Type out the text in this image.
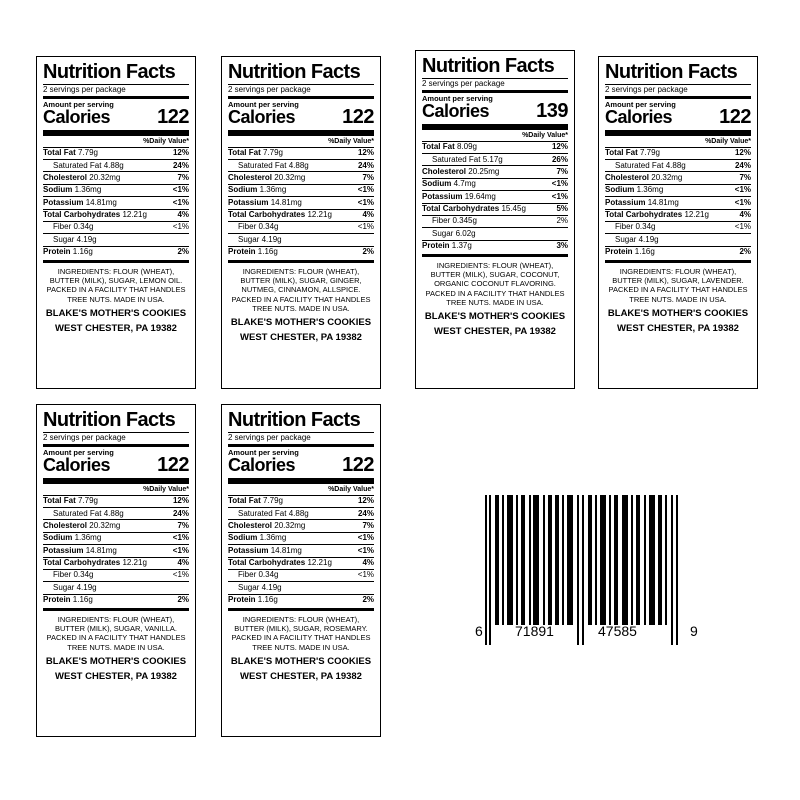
Nutrition Facts
2 servings per package
Amount per serving
Calories 122
%Daily Value*
Total Fat 7.79g	12%
Saturated Fat 4.88g	24%
Cholesterol 20.32mg	7%
Sodium 1.36mg	<1%
Potassium 14.81mg	<1%
Total Carbohydrates 12.21g	4%
Fiber 0.34g	<1%
Sugar 4.19g
Protein 1.16g	2%
INGREDIENTS: FLOUR (WHEAT), BUTTER (MILK), SUGAR, LEMON OIL. PACKED IN A FACILITY THAT HANDLES TREE NUTS. MADE IN USA.
BLAKE'S MOTHER'S COOKIES
WEST CHESTER, PA 19382
Nutrition Facts
2 servings per package
Amount per serving
Calories 122
%Daily Value*
Total Fat 7.79g	12%
Saturated Fat 4.88g	24%
Cholesterol 20.32mg	7%
Sodium 1.36mg	<1%
Potassium 14.81mg	<1%
Total Carbohydrates 12.21g	4%
Fiber 0.34g	<1%
Sugar 4.19g
Protein 1.16g	2%
INGREDIENTS: FLOUR (WHEAT), BUTTER (MILK), SUGAR, GINGER, NUTMEG, CINNAMON, ALLSPICE. PACKED IN A FACILITY THAT HANDLES TREE NUTS. MADE IN USA.
BLAKE'S MOTHER'S COOKIES
WEST CHESTER, PA 19382
Nutrition Facts
2 servings per package
Amount per serving
Calories 139
%Daily Value*
Total Fat 8.09g	12%
Saturated Fat 5.17g	26%
Cholesterol 20.25mg	7%
Sodium 4.7mg	<1%
Potassium 19.64mg	<1%
Total Carbohydrates 15.45g	5%
Fiber 0.345g	2%
Sugar 6.02g
Protein 1.37g	3%
INGREDIENTS: FLOUR (WHEAT), BUTTER (MILK), SUGAR, COCONUT, ORGANIC COCONUT FLAVORING. PACKED IN A FACILITY THAT HANDLES TREE NUTS. MADE IN USA.
BLAKE'S MOTHER'S COOKIES
WEST CHESTER, PA 19382
Nutrition Facts
2 servings per package
Amount per serving
Calories 122
%Daily Value*
Total Fat 7.79g	12%
Saturated Fat 4.88g	24%
Cholesterol 20.32mg	7%
Sodium 1.36mg	<1%
Potassium 14.81mg	<1%
Total Carbohydrates 12.21g	4%
Fiber 0.34g	<1%
Sugar 4.19g
Protein 1.16g	2%
INGREDIENTS: FLOUR (WHEAT), BUTTER (MILK), SUGAR, LAVENDER. PACKED IN A FACILITY THAT HANDLES TREE NUTS. MADE IN USA.
BLAKE'S MOTHER'S COOKIES
WEST CHESTER, PA 19382
Nutrition Facts
2 servings per package
Amount per serving
Calories 122
%Daily Value*
Total Fat 7.79g	12%
Saturated Fat 4.88g	24%
Cholesterol 20.32mg	7%
Sodium 1.36mg	<1%
Potassium 14.81mg	<1%
Total Carbohydrates 12.21g	4%
Fiber 0.34g	<1%
Sugar 4.19g
Protein 1.16g	2%
INGREDIENTS: FLOUR (WHEAT), BUTTER (MILK), SUGAR, VANILLA. PACKED IN A FACILITY THAT HANDLES TREE NUTS. MADE IN USA.
BLAKE'S MOTHER'S COOKIES
WEST CHESTER, PA 19382
Nutrition Facts
2 servings per package
Amount per serving
Calories 122
%Daily Value*
Total Fat 7.79g	12%
Saturated Fat 4.88g	24%
Cholesterol 20.32mg	7%
Sodium 1.36mg	<1%
Potassium 14.81mg	<1%
Total Carbohydrates 12.21g	4%
Fiber 0.34g	<1%
Sugar 4.19g
Protein 1.16g	2%
INGREDIENTS: FLOUR (WHEAT), BUTTER (MILK), SUGAR, ROSEMARY. PACKED IN A FACILITY THAT HANDLES TREE NUTS. MADE IN USA.
BLAKE'S MOTHER'S COOKIES
WEST CHESTER, PA 19382
6 71891	47585	9
